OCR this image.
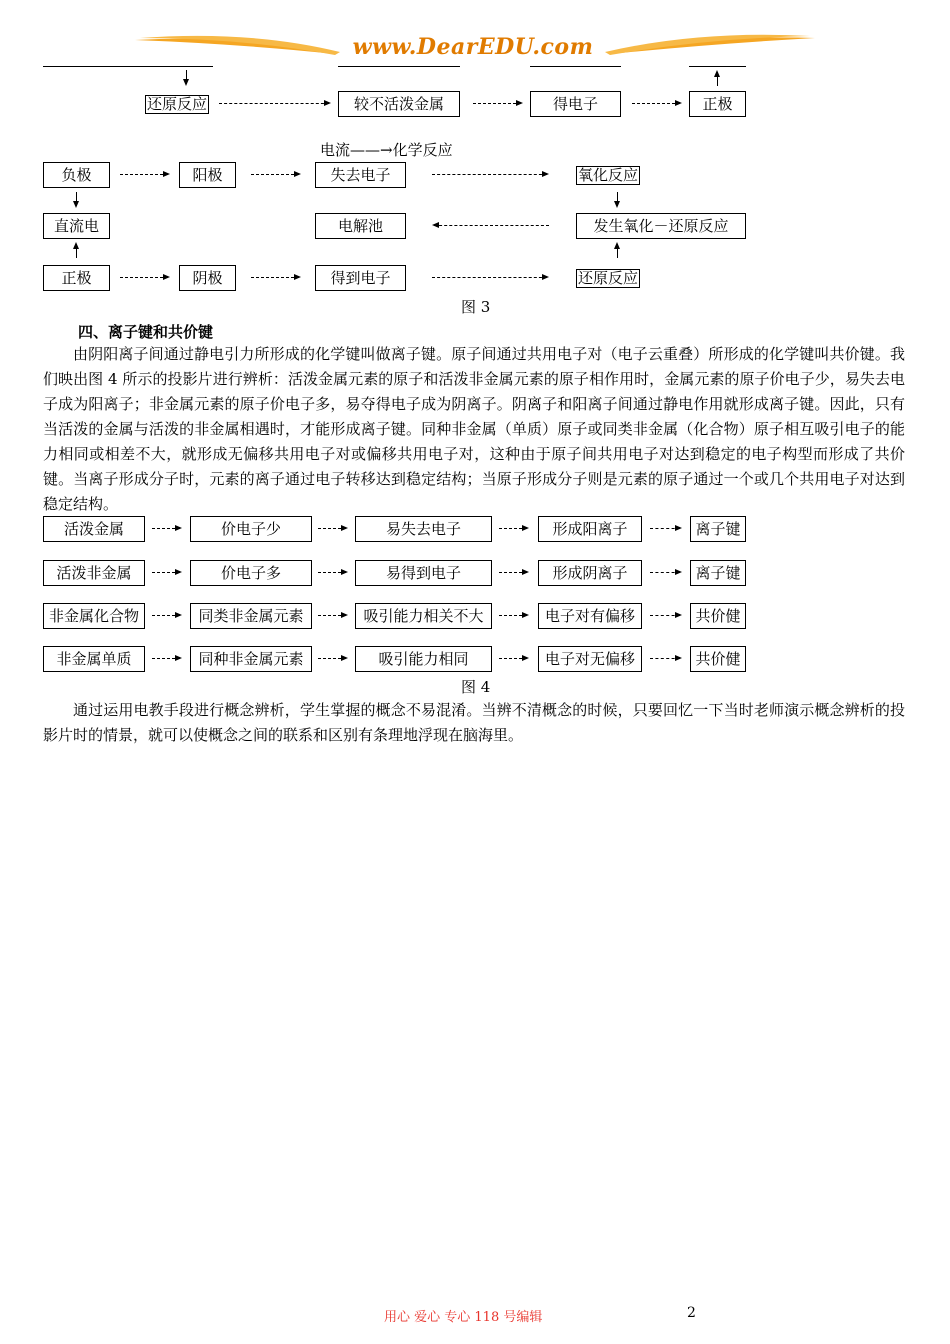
www.DearEDU.com
还原反应	较不活泼金属	得电子	正极
电流——→化学反应
负极	阳极	失去电子	氧化反应
直流电	电解池	发生氧化－还原反应
正极	阴极	得到电子	还原反应
图 3
四、离子键和共价键
由阴阳离子间通过静电引力所形成的化学键叫做离子键。原子间通过共用电子对（电子云重叠）所形成的化学键叫共价键。我们映出图 4 所示的投影片进行辨析：活泼金属元素的原子和活泼非金属元素的原子相作用时，金属元素的原子价电子少，易失去电子成为阳离子；非金属元素的原子价电子多，易夺得电子成为阴离子。阴离子和阳离子间通过静电作用就形成离子键。因此，只有当活泼的金属与活泼的非金属相遇时，才能形成离子键。同种非金属（单质）原子或同类非金属（化合物）原子相互吸引电子的能力相同或相差不大，就形成无偏移共用电子对或偏移共用电子对，这种由于原子间共用电子对达到稳定的电子构型而形成了共价键。当离子形成分子时，元素的离子通过电子转移达到稳定结构；当原子形成分子则是元素的原子通过一个或几个共用电子对达到稳定结构。
活泼金属	价电子少	易失去电子	形成阳离子	离子键
活泼非金属	价电子多	易得到电子	形成阴离子	离子键
非金属化合物	同类非金属元素	吸引能力相关不大	电子对有偏移	共价健
非金属单质	同种非金属元素	吸引能力相同	电子对无偏移	共价健
图 4
通过运用电教手段进行概念辨析，学生掌握的概念不易混淆。当辨不清概念的时候，只要回忆一下当时老师演示概念辨析的投影片时的情景，就可以使概念之间的联系和区别有条理地浮现在脑海里。
用心 爱心 专心 118 号编辑	2
